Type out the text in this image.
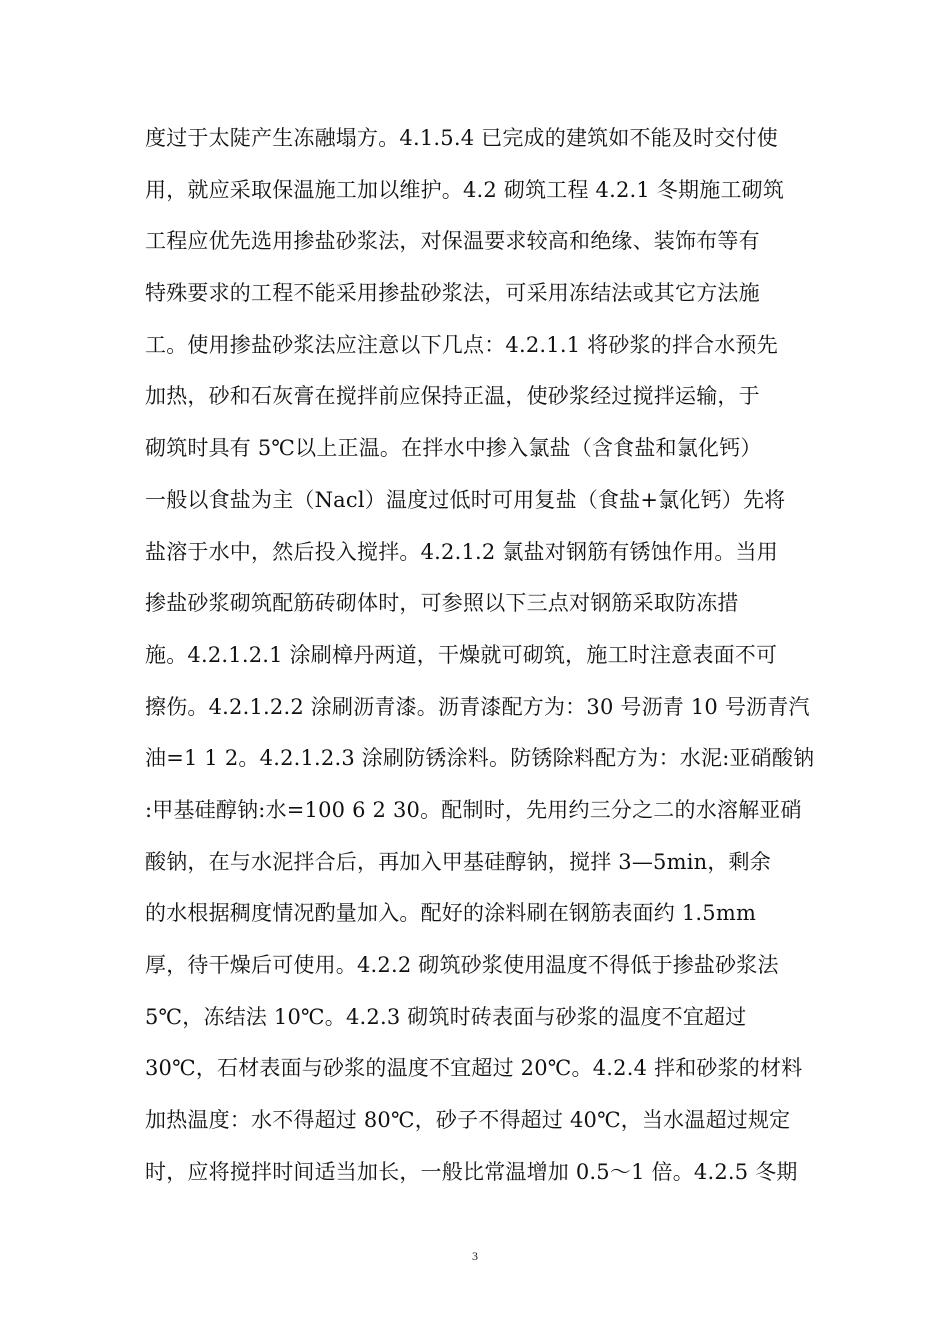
度过于太陡产生冻融塌方。4.1.5.4 已完成的建筑如不能及时交付使
用，就应采取保温施工加以维护。4.2 砌筑工程 4.2.1 冬期施工砌筑
工程应优先选用掺盐砂浆法，对保温要求较高和绝缘、装饰布等有
特殊要求的工程不能采用掺盐砂浆法，可采用冻结法或其它方法施
工。使用掺盐砂浆法应注意以下几点：4.2.1.1 将砂浆的拌合水预先
加热，砂和石灰膏在搅拌前应保持正温，使砂浆经过搅拌运输，于
砌筑时具有 5℃以上正温。在拌水中掺入氯盐（含食盐和氯化钙）
一般以食盐为主（Nacl）温度过低时可用复盐（食盐+氯化钙）先将
盐溶于水中，然后投入搅拌。4.2.1.2 氯盐对钢筋有锈蚀作用。当用
掺盐砂浆砌筑配筋砖砌体时，可参照以下三点对钢筋采取防冻措
施。4.2.1.2.1 涂刷樟丹两道，干燥就可砌筑，施工时注意表面不可
擦伤。4.2.1.2.2 涂刷沥青漆。沥青漆配方为：30 号沥青 10 号沥青汽
油=1 1 2。4.2.1.2.3 涂刷防锈涂料。防锈除料配方为：水泥:亚硝酸钠
:甲基硅醇钠:水=100 6 2 30。配制时，先用约三分之二的水溶解亚硝
酸钠，在与水泥拌合后，再加入甲基硅醇钠，搅拌 3—5min，剩余
的水根据稠度情况酌量加入。配好的涂料刷在钢筋表面约 1.5mm
厚，待干燥后可使用。4.2.2 砌筑砂浆使用温度不得低于掺盐砂浆法
5℃，冻结法 10℃。4.2.3 砌筑时砖表面与砂浆的温度不宜超过
30℃，石材表面与砂浆的温度不宜超过 20℃。4.2.4 拌和砂浆的材料
加热温度：水不得超过 80℃，砂子不得超过 40℃，当水温超过规定
时，应将搅拌时间适当加长，一般比常温增加 0.5～1 倍。4.2.5 冬期
3
